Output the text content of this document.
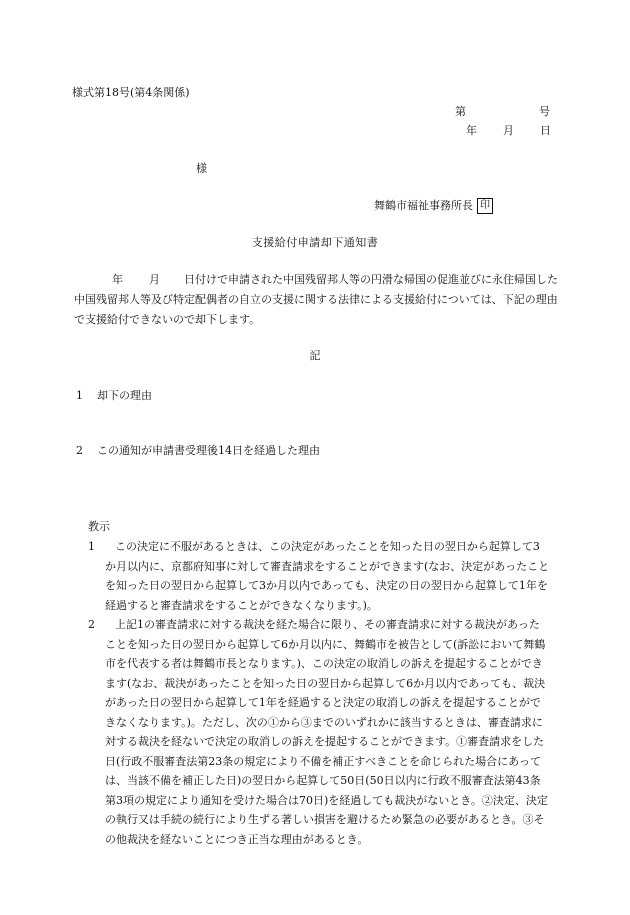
様式第18号(第4条関係)
第	号
年 月 日
様
舞鶴市福祉事務所長 印
支援給付申請却下通知書
年 月 日付けで申請された中国残留邦人等の円滑な帰国の促進並びに永住帰国した中国残留邦人等及び特定配偶者の自立の支援に関する法律による支援給付については、下記の理由で支援給付できないので却下します。
記
1 却下の理由
2 この通知が申請書受理後14日を経過した理由
教示
1	この決定に不服があるときは、この決定があったことを知った日の翌日から起算して3か月以内に、京都府知事に対して審査請求をすることができます(なお、決定があったことを知った日の翌日から起算して3か月以内であっても、決定の日の翌日から起算して1年を経過すると審査請求をすることができなくなります。)。
2	上記1の審査請求に対する裁決を経た場合に限り、その審査請求に対する裁決があったことを知った日の翌日から起算して6か月以内に、舞鶴市を被告として(訴訟において舞鶴市を代表する者は舞鶴市長となります。)、この決定の取消しの訴えを提起することができます(なお、裁決があったことを知った日の翌日から起算して6か月以内であっても、裁決があった日の翌日から起算して1年を経過すると決定の取消しの訴えを提起することができなくなります。)。ただし、次の①から③までのいずれかに該当するときは、審査請求に対する裁決を経ないで決定の取消しの訴えを提起することができます。①審査請求をした日(行政不服審査法第23条の規定により不備を補正すべきことを命じられた場合にあっては、当該不備を補正した日)の翌日から起算して50日(50日以内に行政不服審査法第43条第3項の規定により通知を受けた場合は70日)を経過しても裁決がないとき。②決定、決定の執行又は手続の続行により生ずる著しい損害を避けるため緊急の必要があるとき。③その他裁決を経ないことにつき正当な理由があるとき。
